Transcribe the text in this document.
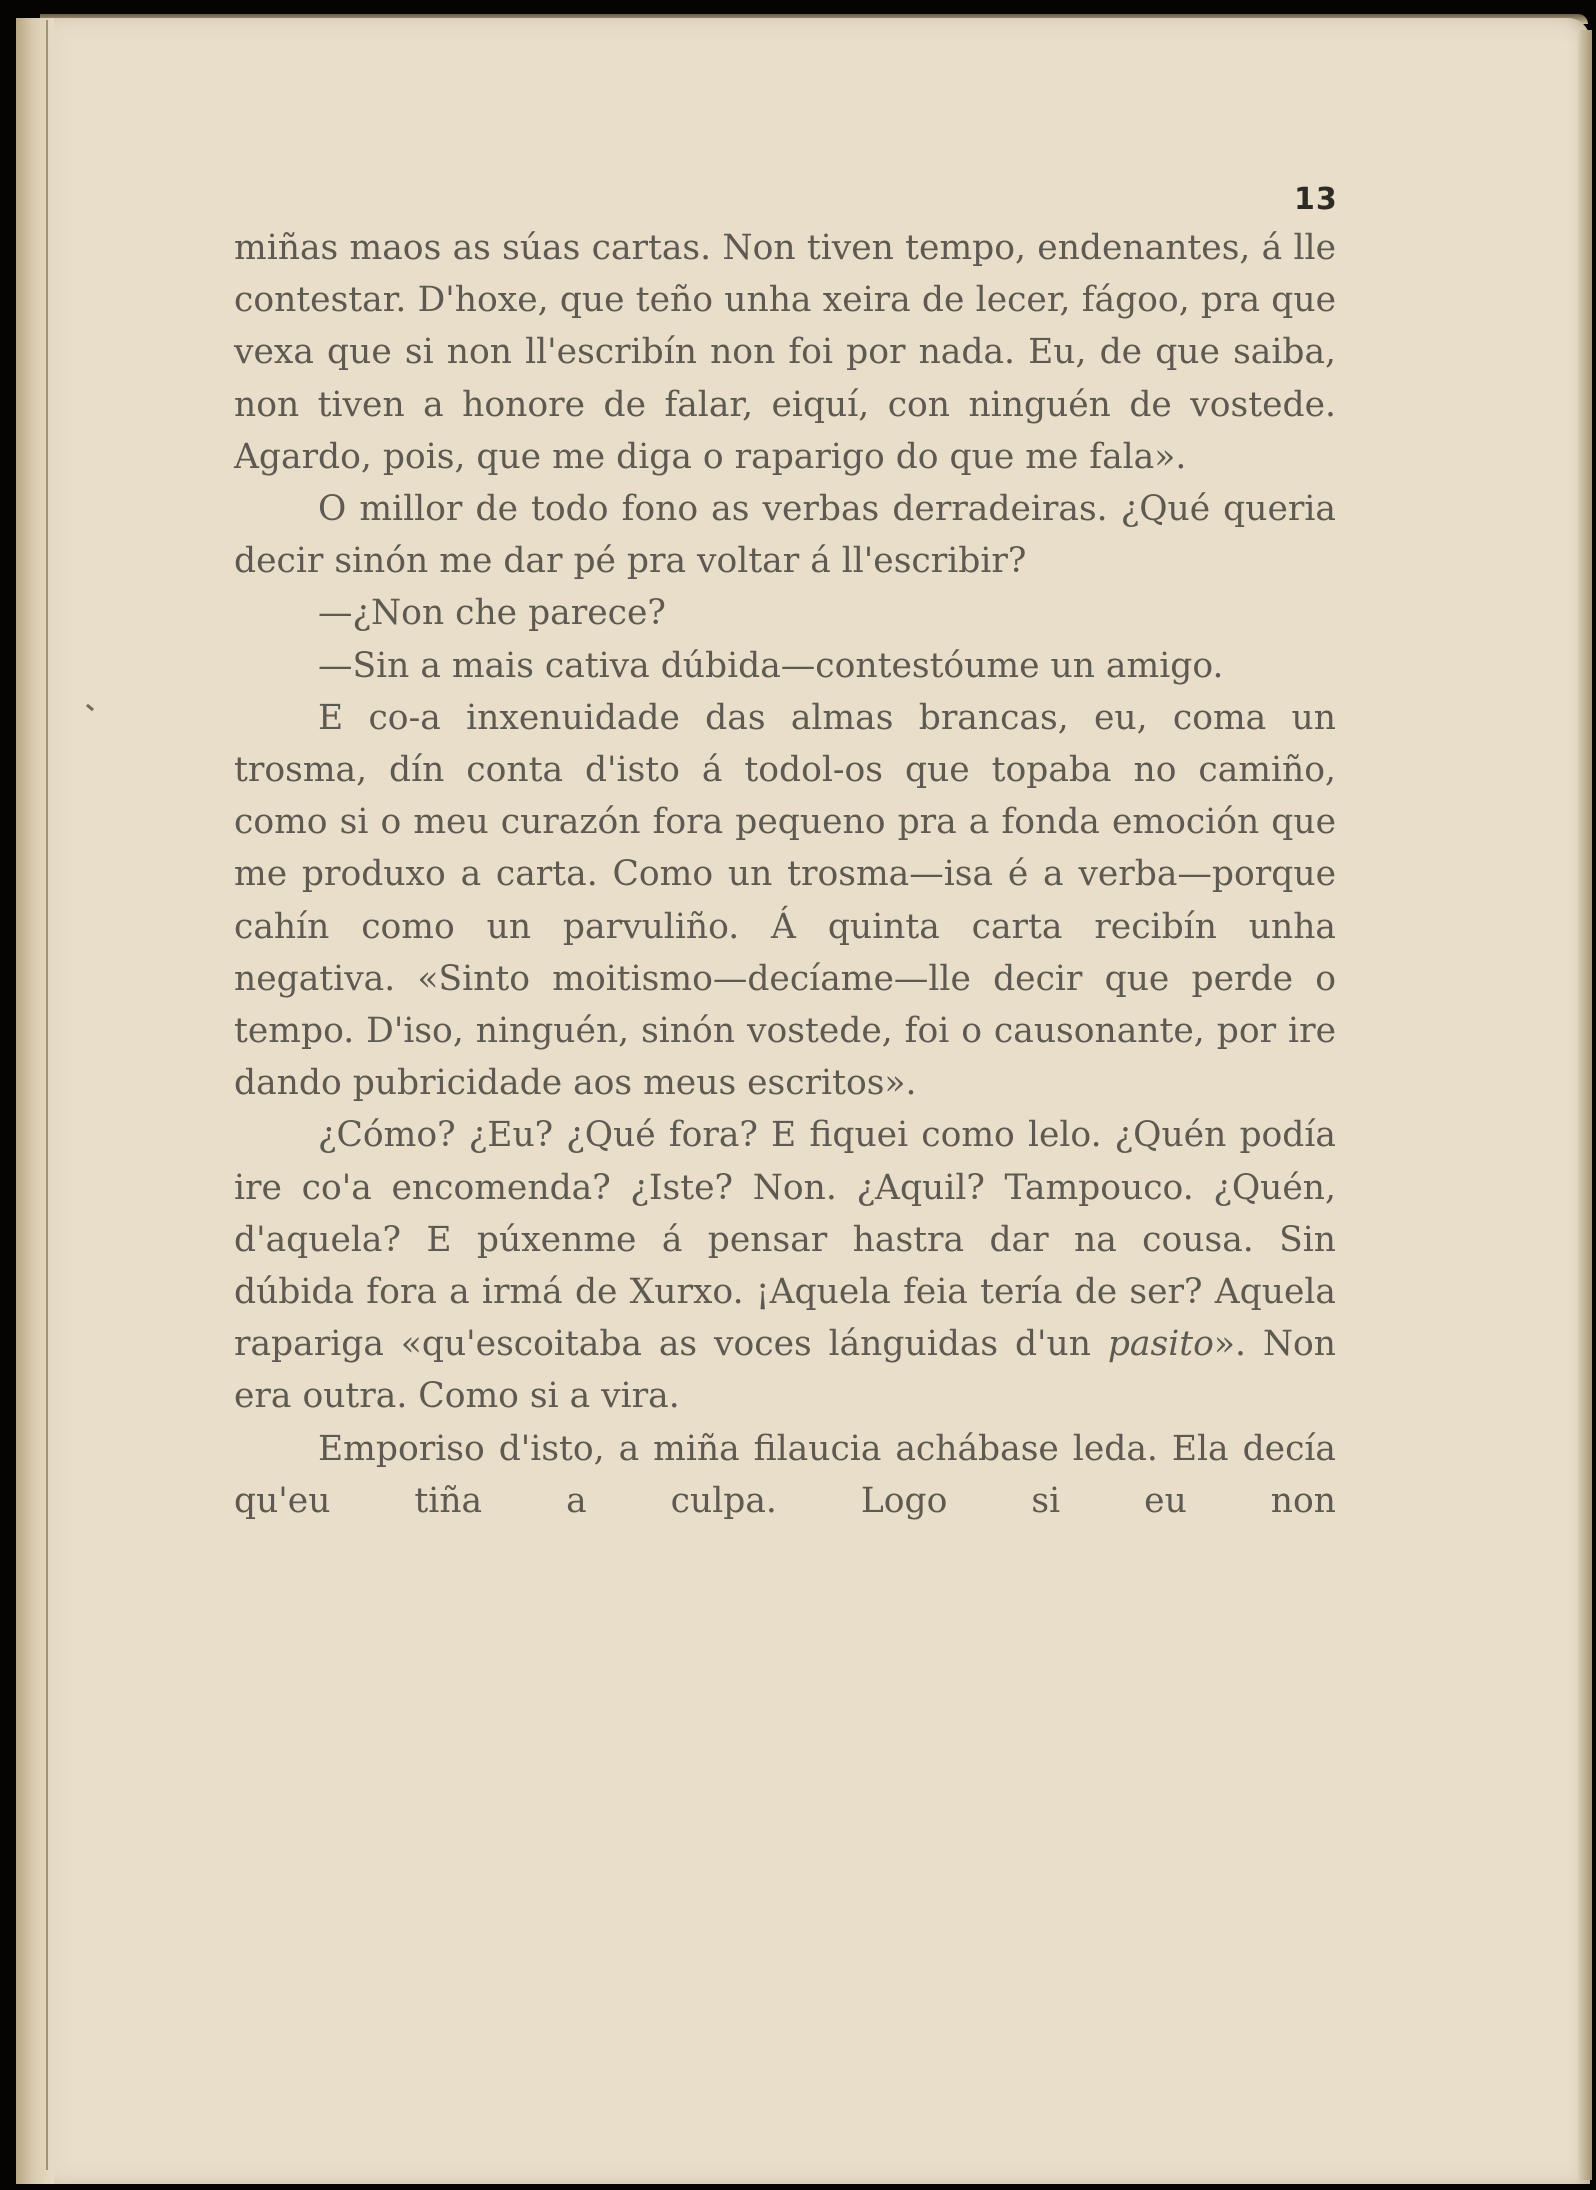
13

miñas maos as súas cartas. Non tiven tempo, endenantes, á lle contestar. D'hoxe, que teño unha xeira de lecer, fágoo, pra que vexa que si non ll'escribín non foi por nada. Eu, de que saiba, non tiven a honore de falar, eiquí, con ninguén de vostede. Agardo, pois, que me diga o raparigo do que me fala».

O millor de todo fono as verbas derradeiras. ¿Qué queria decir sinón me dar pé pra voltar á ll'escribir?

—¿Non che parece?

—Sin a mais cativa dúbida—contestóume un amigo.

E co-a inxenuidade das almas brancas, eu, coma un trosma, dín conta d'isto á todol-os que topaba no camiño, como si o meu curazón fora pequeno pra a fonda emoción que me produxo a carta. Como un trosma—isa é a verba—porque cahín como un parvuliño. Á quinta carta recibín unha negativa. «Sinto moitismo—decíame—lle decir que perde o tempo. D'iso, ninguén, sinón vostede, foi o causonante, por ire dando pubricidade aos meus escritos».

¿Cómo? ¿Eu? ¿Qué fora? E fiquei como lelo. ¿Quén podía ire co'a encomenda? ¿Iste? Non. ¿Aquil? Tampouco. ¿Quén, d'aquela? E púxenme á pensar hastra dar na cousa. Sin dúbida fora a irmá de Xurxo. ¡Aquela feia tería de ser? Aquela rapariga «qu'escoitaba as voces lánguidas d'un pasito». Non era outra. Como si a vira.

Emporiso d'isto, a miña filaucia achábase leda. Ela decía qu'eu tiña a culpa. Logo si eu non
